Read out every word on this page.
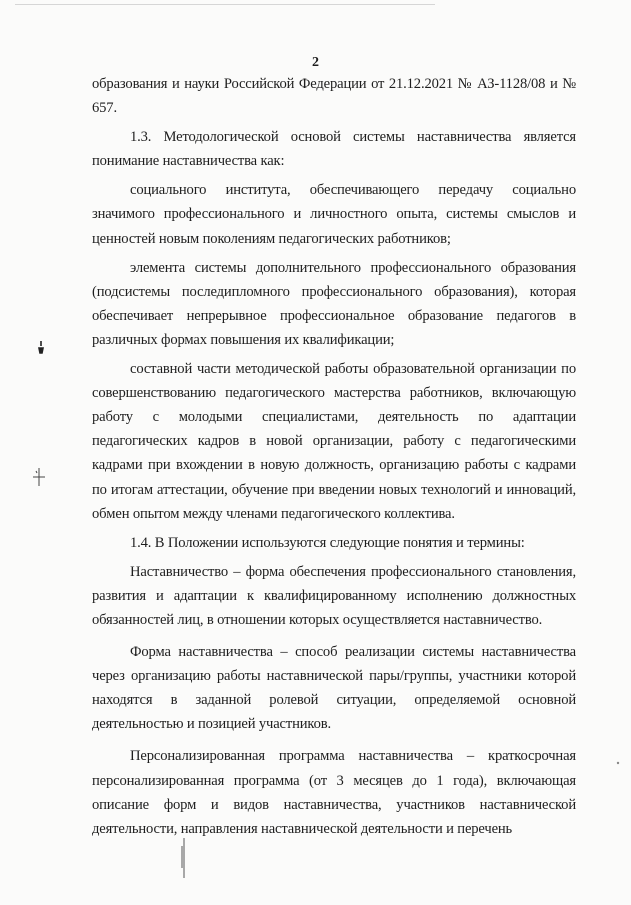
2

образования и науки Российской Федерации от 21.12.2021 № АЗ-1128/08 и № 657.

1.3. Методологической основой системы наставничества является понимание наставничества как:

социального института, обеспечивающего передачу социально значимого профессионального и личностного опыта, системы смыслов и ценностей новым поколениям педагогических работников;

элемента системы дополнительного профессионального образования (подсистемы последипломного профессионального образования), которая обеспечивает непрерывное профессиональное образование педагогов в различных формах повышения их квалификации;

составной части методической работы образовательной организации по совершенствованию педагогического мастерства работников, включающую работу с молодыми специалистами, деятельность по адаптации педагогических кадров в новой организации, работу с педагогическими кадрами при вхождении в новую должность, организацию работы с кадрами по итогам аттестации, обучение при введении новых технологий и инноваций, обмен опытом между членами педагогического коллектива.

1.4. В Положении используются следующие понятия и термины:

Наставничество – форма обеспечения профессионального становления, развития и адаптации к квалифицированному исполнению должностных обязанностей лиц, в отношении которых осуществляется наставничество.

Форма наставничества – способ реализации системы наставничества через организацию работы наставнической пары/группы, участники которой находятся в заданной ролевой ситуации, определяемой основной деятельностью и позицией участников.

Персонализированная программа наставничества – краткосрочная персонализированная программа (от 3 месяцев до 1 года), включающая описание форм и видов наставничества, участников наставнической деятельности, направления наставнической деятельности и перечень
